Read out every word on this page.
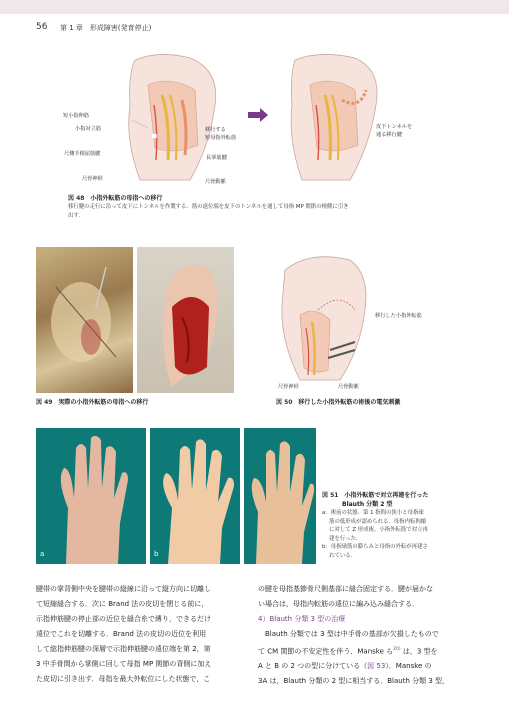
56 第 1 章　形成障害(発育停止)
短小指伸筋
小指対立筋
尺側手根屈筋腱
尺骨神経
移行する
短母指外転筋
長掌筋腱
尺骨動脈
皮下トンネルを
通る移行腱
図 48 小指外転筋の母指への移行
移行腱の走行に沿って皮下にトンネルを作製する．筋の遠位端を皮下のトンネルを通して母指 MP 関節の橈側に引き
出す．
図 49 実際の小指外転筋の母指への移行
移行した小指外転筋
尺骨神経	尺骨動脈
図 50 移行した小指外転筋の術後の電気刺激
a	b
図 51 小指外転筋で対立再建を行った
Blauth 分類 2 型
a：術前の状態．第 1 指間の狭小と母指球
　 筋の低形成が認められる．母指内転拘縮
　 に対して Z 形成術，小指外転筋で対立再
　 建を行った．
b：母指球筋の膨らみと母指の外転が再建さ
　 れている．

腱帯の掌背側中央を腱帯の縦線に沿って縦方向に切離し

て短縮縫合する．次に Brand 法の皮切を閉じる前に，

示指伸筋腱の停止部の近位を縫合糸で縛り，できるだけ

遠位でこれを切離する．Brand 法の皮切の近位を利用

して総指伸筋腱の深層で示指伸筋腱の遠位端を第 2，第

3 中手骨間から掌側に回して母指 MP 関節の背側に加え

た皮切に引き出す．母指を最大外転位にした状態で，こ

の腱を母指基節骨尺側基部に縫合固定する．腱が届かな

い場合は，母指内転筋の遠位に編み込み縫合する．

4）Blauth 分類 3 型の治療

　Blauth 分類では 3 型は中手骨の基部が欠損したもので

て CM 関節の不安定性を伴う．Manske ら$^{20)}$ は，3 型を

A と B の 2 つの型に分けている（図 53）．Manske の

3A は，Blauth 分類の 2 型に相当する．Blauth 分類 3 型，
